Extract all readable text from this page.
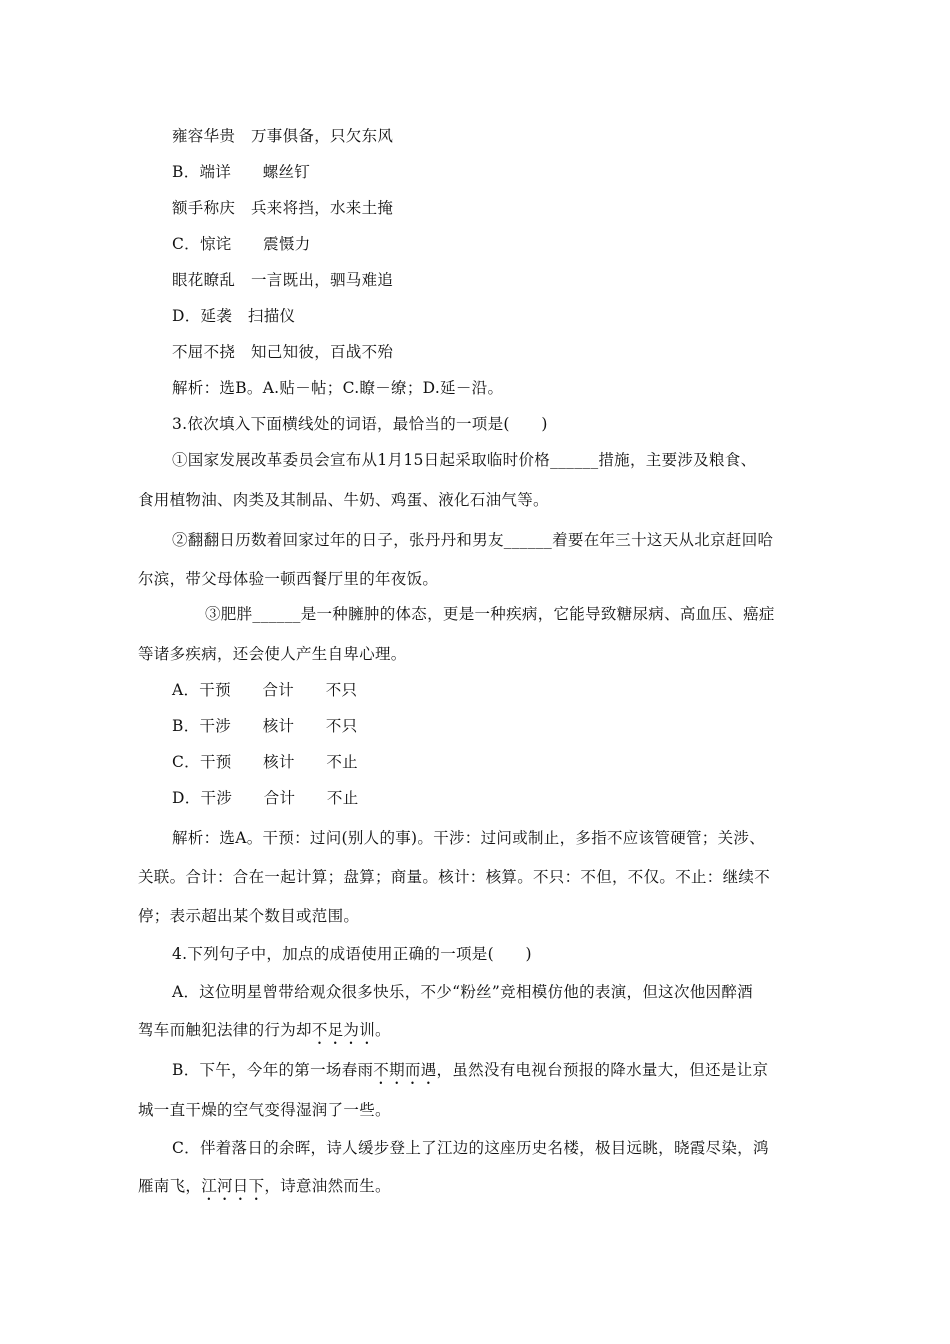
雍容华贵　万事俱备，只欠东风
B．端详　　螺丝钉
额手称庆　兵来将挡，水来土掩
C．惊诧　　震慑力
眼花瞭乱　一言既出，驷马难追
D．延袭　扫描仪
不屈不挠　知己知彼，百战不殆
解析：选B。A.贴－帖；C.瞭－缭；D.延－沿。
3.依次填入下面横线处的词语，最恰当的一项是(　　)
①国家发展改革委员会宣布从1月15日起采取临时价格______措施，主要涉及粮食、
食用植物油、肉类及其制品、牛奶、鸡蛋、液化石油气等。
②翻翻日历数着回家过年的日子，张丹丹和男友______着要在年三十这天从北京赶回哈
尔滨，带父母体验一顿西餐厅里的年夜饭。
③肥胖______是一种臃肿的体态，更是一种疾病，它能导致糖尿病、高血压、癌症
等诸多疾病，还会使人产生自卑心理。
A．干预　　合计　　不只
B．干涉　　核计　　不只
C．干预　　核计　　不止
D．干涉　　合计　　不止
解析：选A。干预：过问(别人的事)。干涉：过问或制止，多指不应该管硬管；关涉、
关联。合计：合在一起计算；盘算；商量。核计：核算。不只：不但，不仅。不止：继续不
停；表示超出某个数目或范围。
4.下列句子中，加点的成语使用正确的一项是(　　)
A．这位明星曾带给观众很多快乐，不少“粉丝”竞相模仿他的表演，但这次他因醉酒
驾车而触犯法律的行为却不足为训。
B．下午，今年的第一场春雨不期而遇，虽然没有电视台预报的降水量大，但还是让京
城一直干燥的空气变得湿润了一些。
C．伴着落日的余晖，诗人缓步登上了江边的这座历史名楼，极目远眺，晓霞尽染，鸿
雁南飞，江河日下，诗意油然而生。
